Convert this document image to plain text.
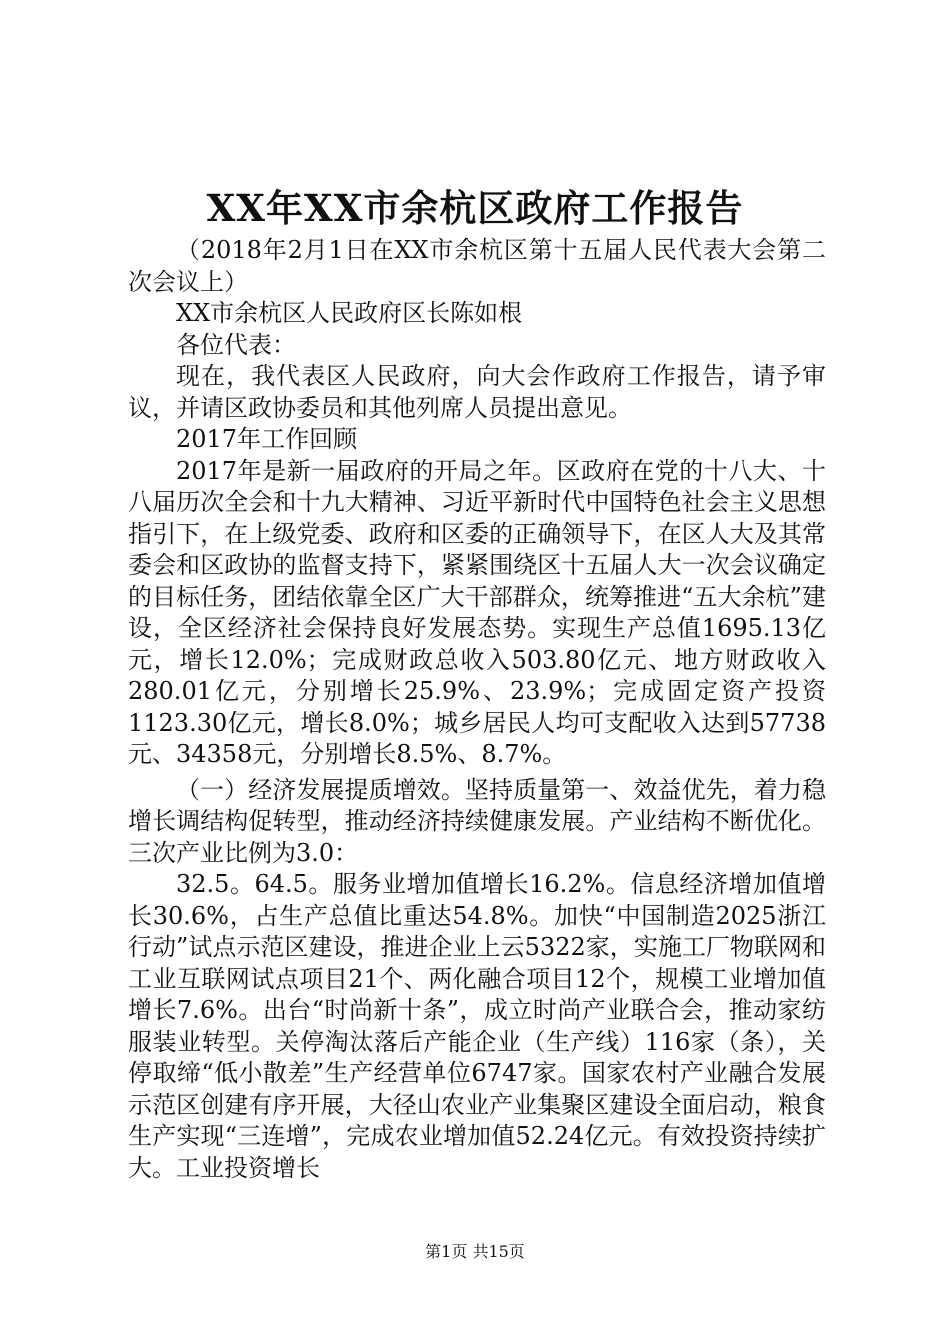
XX年XX市余杭区政府工作报告

（2018年2月1日在XX市余杭区第十五届人民代表大会第二次会议上）

XX市余杭区人民政府区长陈如根

各位代表：

现在，我代表区人民政府，向大会作政府工作报告，请予审议，并请区政协委员和其他列席人员提出意见。

2017年工作回顾

2017年是新一届政府的开局之年。区政府在党的十八大、十八届历次全会和十九大精神、习近平新时代中国特色社会主义思想指引下，在上级党委、政府和区委的正确领导下，在区人大及其常委会和区政协的监督支持下，紧紧围绕区十五届人大一次会议确定的目标任务，团结依靠全区广大干部群众，统筹推进“五大余杭”建设，全区经济社会保持良好发展态势。实现生产总值1695.13亿元，增长12.0%；完成财政总收入503.80亿元、地方财政收入280.01亿元，分别增长25.9%、23.9%；完成固定资产投资1123.30亿元，增长8.0%；城乡居民人均可支配收入达到57738元、34358元，分别增长8.5%、8.7%。

（一）经济发展提质增效。坚持质量第一、效益优先，着力稳增长调结构促转型，推动经济持续健康发展。产业结构不断优化。三次产业比例为3.0：

32.5。64.5。服务业增加值增长16.2%。信息经济增加值增长30.6%，占生产总值比重达54.8%。加快“中国制造2025浙江行动”试点示范区建设，推进企业上云5322家，实施工厂物联网和工业互联网试点项目21个、两化融合项目12个，规模工业增加值增长7.6%。出台“时尚新十条”，成立时尚产业联合会，推动家纺服装业转型。关停淘汰落后产能企业（生产线）116家（条），关停取缔“低小散差”生产经营单位6747家。国家农村产业融合发展示范区创建有序开展，大径山农业产业集聚区建设全面启动，粮食生产实现“三连增”，完成农业增加值52.24亿元。有效投资持续扩大。工业投资增长

第1页 共15页
